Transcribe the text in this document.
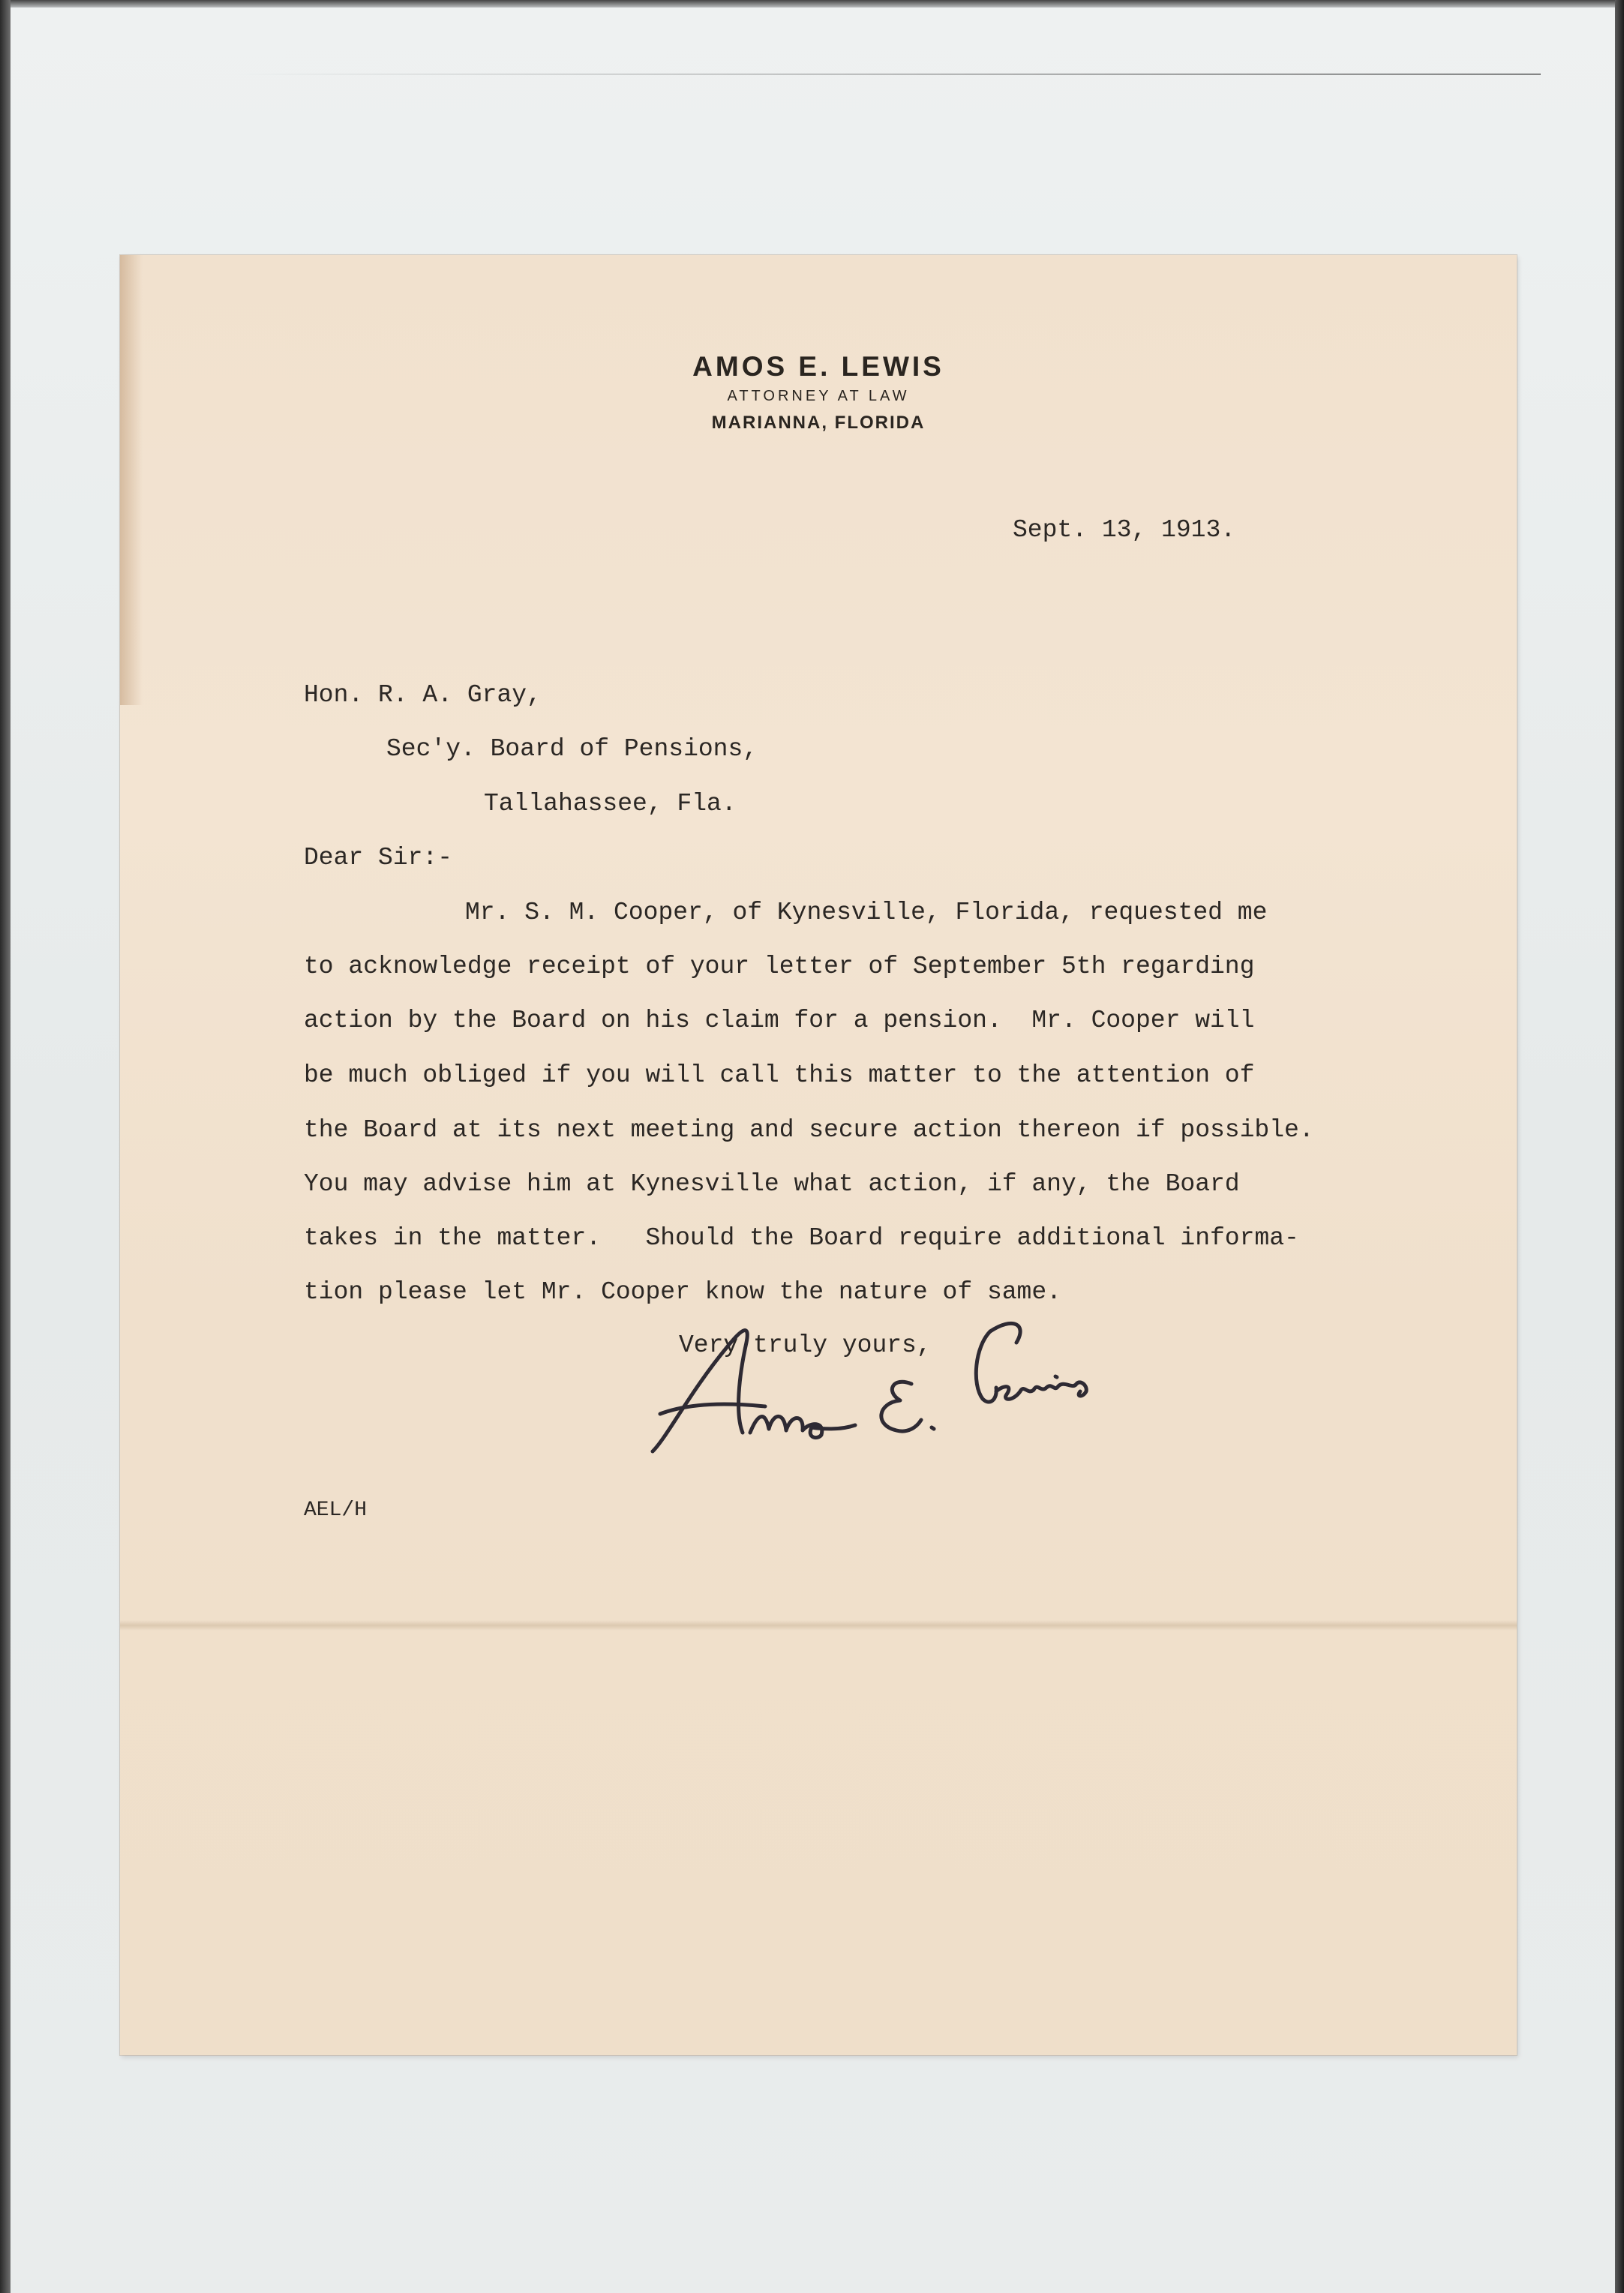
AMOS E. LEWIS
ATTORNEY AT LAW
MARIANNA, FLORIDA
Sept. 13, 1913.
Hon. R. A. Gray,
Sec'y. Board of Pensions,
Tallahassee, Fla.
Dear Sir:-
Mr. S. M. Cooper, of Kynesville, Florida, requested me
to acknowledge receipt of your letter of September 5th regarding
action by the Board on his claim for a pension.  Mr. Cooper will
be much obliged if you will call this matter to the attention of
the Board at its next meeting and secure action thereon if possible.
You may advise him at Kynesville what action, if any, the Board
takes in the matter.   Should the Board require additional informa-
tion please let Mr. Cooper know the nature of same.
Very truly yours,
AEL/H
